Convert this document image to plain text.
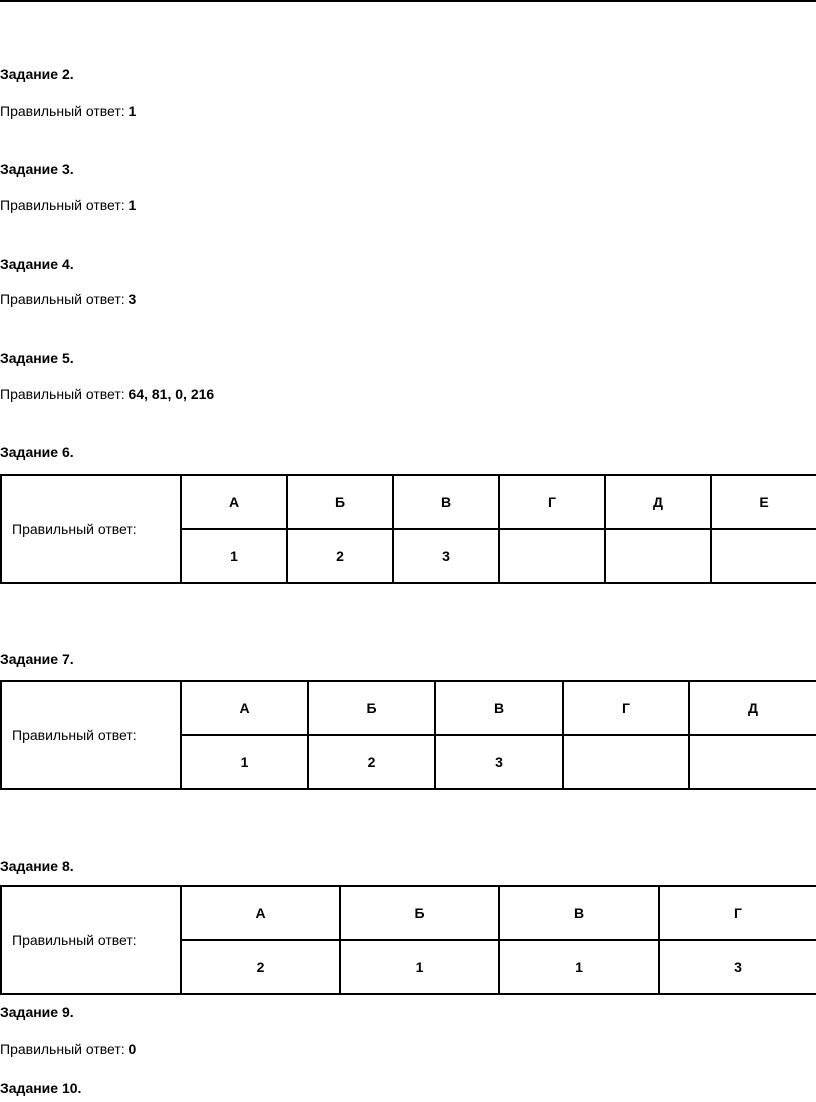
Задание 2.
Правильный ответ: 1
Задание 3.
Правильный ответ: 1
Задание 4.
Правильный ответ: 3
Задание 5.
Правильный ответ: 64, 81, 0, 216
Задание 6.
Правильный ответ:	А	Б	В	Г	Д	Е
	1	2	3			
Задание 7.
Правильный ответ:	А	Б	В	Г	Д
	1	2	3		
Задание 8.
Правильный ответ:	А	Б	В	Г
	2	1	1	3
Задание 9.
Правильный ответ: 0
Задание 10.
